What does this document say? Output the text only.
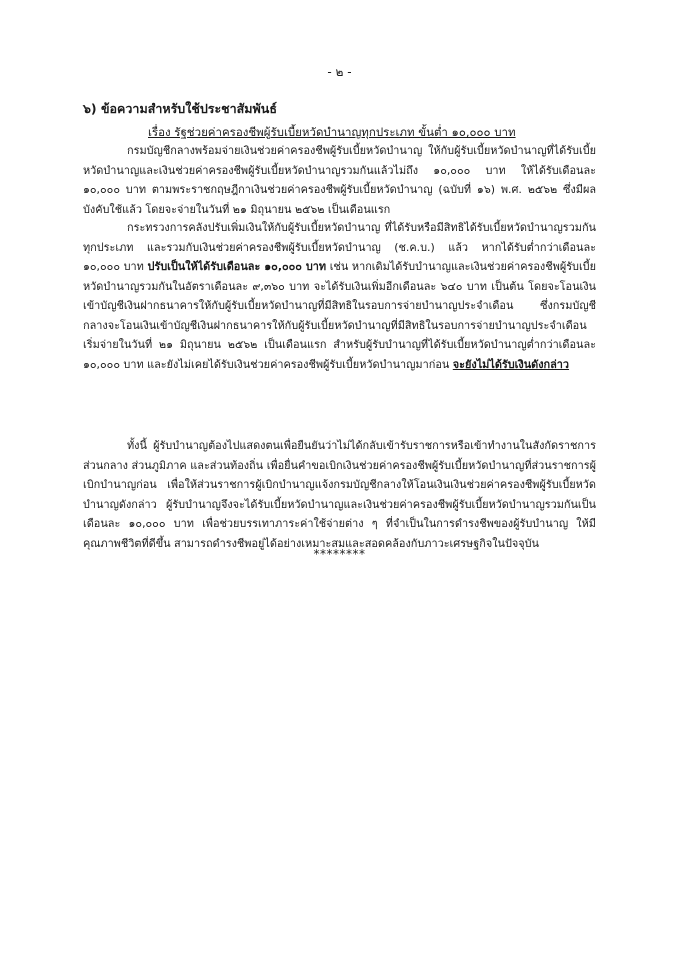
- ๒ -
๖) ข้อความสำหรับใช้ประชาสัมพันธ์
เรื่อง รัฐช่วยค่าครองชีพผู้รับเบี้ยหวัดบำนาญทุกประเภท ขั้นต่ำ ๑๐,๐๐๐ บาท

กรมบัญชีกลางพร้อมจ่ายเงินช่วยค่าครองชีพผู้รับเบี้ยหวัดบำนาญ ให้กับผู้รับเบี้ยหวัดบำนาญที่ได้รับเบี้ยหวัดบำนาญและเงินช่วยค่าครองชีพผู้รับเบี้ยหวัดบำนาญรวมกันแล้วไม่ถึง ๑๐,๐๐๐ บาท ให้ได้รับเดือนละ ๑๐,๐๐๐ บาท ตามพระราชกฤษฎีกาเงินช่วยค่าครองชีพผู้รับเบี้ยหวัดบำนาญ (ฉบับที่ ๑๖) พ.ศ. ๒๕๖๒ ซึ่งมีผลบังคับใช้แล้ว โดยจะจ่ายในวันที่ ๒๑ มิถุนายน ๒๕๖๒ เป็นเดือนแรก

กระทรวงการคลังปรับเพิ่มเงินให้กับผู้รับเบี้ยหวัดบำนาญ ที่ได้รับหรือมีสิทธิได้รับเบี้ยหวัดบำนาญรวมกันทุกประเภท และรวมกับเงินช่วยค่าครองชีพผู้รับเบี้ยหวัดบำนาญ (ช.ค.บ.) แล้ว หากได้รับต่ำกว่าเดือนละ ๑๐,๐๐๐ บาท ปรับเป็นให้ได้รับเดือนละ ๑๐,๐๐๐ บาท เช่น หากเดิมได้รับบำนาญและเงินช่วยค่าครองชีพผู้รับเบี้ยหวัดบำนาญรวมกันในอัตราเดือนละ ๙,๓๖๐ บาท จะได้รับเงินเพิ่มอีกเดือนละ ๖๔๐ บาท เป็นต้น โดยจะโอนเงินเข้าบัญชีเงินฝากธนาคารให้กับผู้รับเบี้ยหวัดบำนาญที่มีสิทธิในรอบการจ่ายบำนาญประจำเดือน ซึ่งกรมบัญชีกลางจะโอนเงินเข้าบัญชีเงินฝากธนาคารให้กับผู้รับเบี้ยหวัดบำนาญที่มีสิทธิในรอบการจ่ายบำนาญประจำเดือน เริ่มจ่ายในวันที่ ๒๑ มิถุนายน ๒๕๖๒ เป็นเดือนแรก สำหรับผู้รับบำนาญที่ได้รับเบี้ยหวัดบำนาญต่ำกว่าเดือนละ ๑๐,๐๐๐ บาท และยังไม่เคยได้รับเงินช่วยค่าครองชีพผู้รับเบี้ยหวัดบำนาญมาก่อน จะยังไม่ได้รับเงินดังกล่าว

ทั้งนี้ ผู้รับบำนาญต้องไปแสดงตนเพื่อยืนยันว่าไม่ได้กลับเข้ารับราชการหรือเข้าทำงานในสังกัดราชการส่วนกลาง ส่วนภูมิภาค และส่วนท้องถิ่น เพื่อยื่นคำขอเบิกเงินช่วยค่าครองชีพผู้รับเบี้ยหวัดบำนาญที่ส่วนราชการผู้เบิกบำนาญก่อน เพื่อให้ส่วนราชการผู้เบิกบำนาญแจ้งกรมบัญชีกลางให้โอนเงินเงินช่วยค่าครองชีพผู้รับเบี้ยหวัดบำนาญดังกล่าว ผู้รับบำนาญจึงจะได้รับเบี้ยหวัดบำนาญและเงินช่วยค่าครองชีพผู้รับเบี้ยหวัดบำนาญรวมกันเป็นเดือนละ ๑๐,๐๐๐ บาท เพื่อช่วยบรรเทาภาระค่าใช้จ่ายต่าง ๆ ที่จำเป็นในการดำรงชีพของผู้รับบำนาญ ให้มีคุณภาพชีวิตที่ดีขึ้น สามารถดำรงชีพอยู่ได้อย่างเหมาะสมและสอดคล้องกับภาวะเศรษฐกิจในปัจจุบัน

********
